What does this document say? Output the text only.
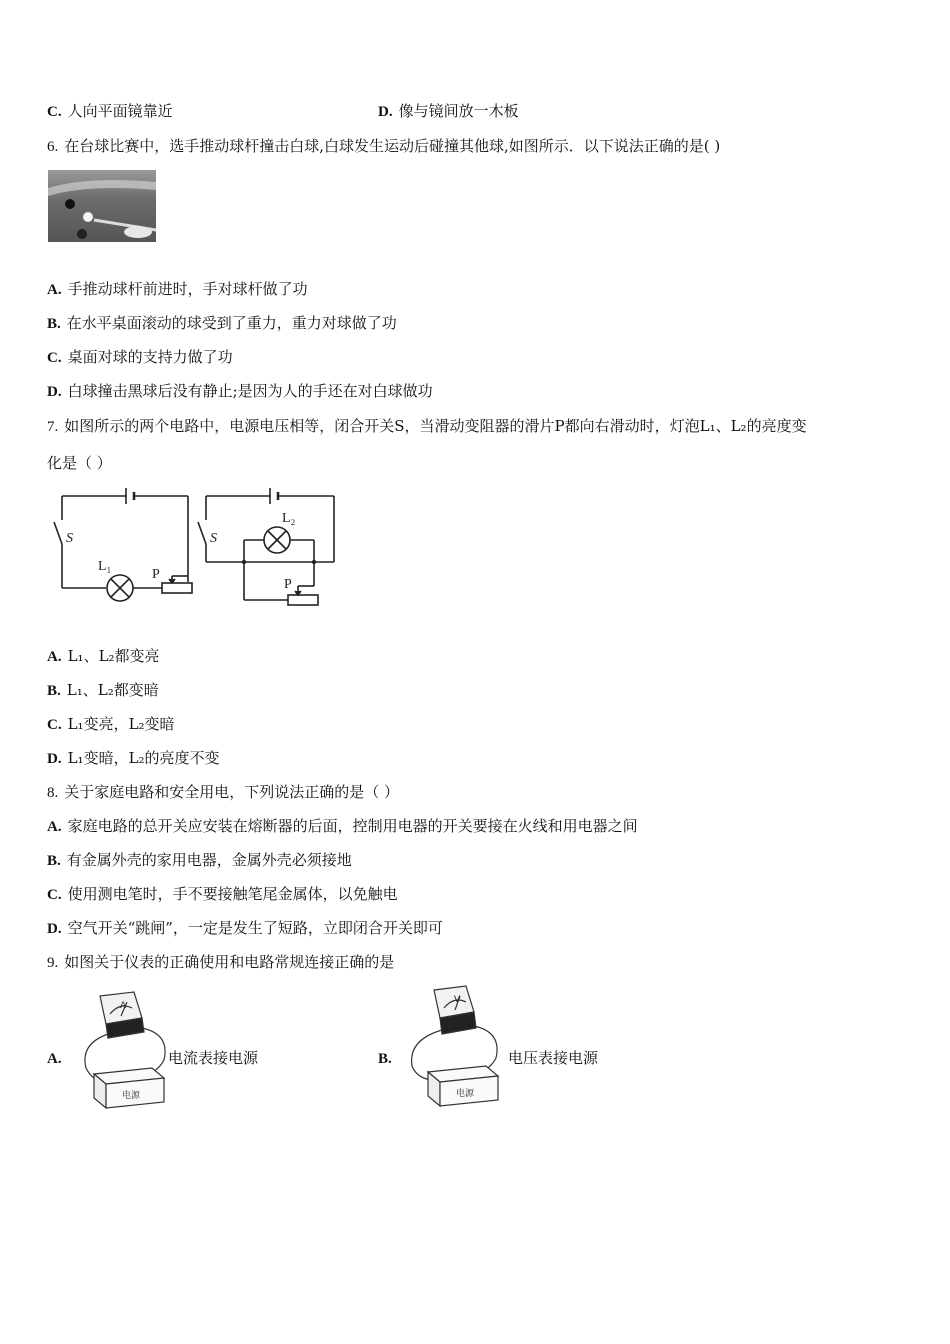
C. 人向平面镜靠近	D. 像与镜间放一木板
6. 在台球比赛中，选手推动球杆撞击白球,白球发生运动后碰撞其他球,如图所示．以下说法正确的是( )
A. 手推动球杆前进时，手对球杆做了功
B. 在水平桌面滚动的球受到了重力，重力对球做了功
C. 桌面对球的支持力做了功
D. 白球撞击黑球后没有静止;是因为人的手还在对白球做功
7. 如图所示的两个电路中，电源电压相等，闭合开关S，当滑动变阻器的滑片P都向右滑动时，灯泡L₁、L₂的亮度变
化是（ ）
S
L₁
P
S
L₂
P
A. L₁、L₂都变亮
B. L₁、L₂都变暗
C. L₁变亮，L₂变暗
D. L₁变暗，L₂的亮度不变
8. 关于家庭电路和安全用电，下列说法正确的是（ ）
A. 家庭电路的总开关应安装在熔断器的后面，控制用电器的开关要接在火线和用电器之间
B. 有金属外壳的家用电器，金属外壳必须接地
C. 使用测电笔时，手不要接触笔尾金属体，以免触电
D. 空气开关“跳闸”，一定是发生了短路，立即闭合开关即可
9. 如图关于仪表的正确使用和电路常规连接正确的是
A.
A
电源
电流表接电源	B.
V
电源
电压表接电源
